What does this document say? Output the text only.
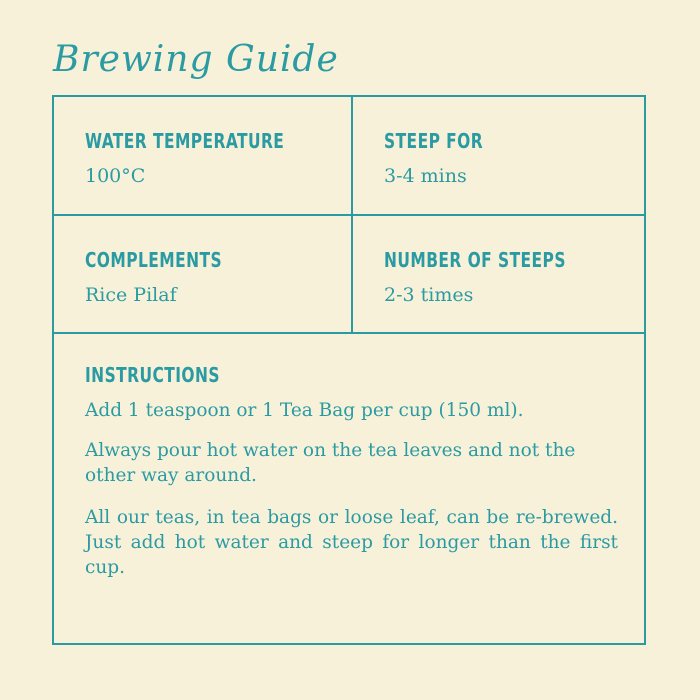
Brewing Guide
WATER TEMPERATURE
100°C
STEEP FOR
3-4 mins
COMPLEMENTS
Rice Pilaf
NUMBER OF STEEPS
2-3 times
INSTRUCTIONS

Add 1 teaspoon or 1 Tea Bag per cup (150 ml).

Always pour hot water on the tea leaves and not the other way around.

All our teas, in tea bags or loose leaf, can be re-brewed. Just add hot water and steep for longer than the first cup.
